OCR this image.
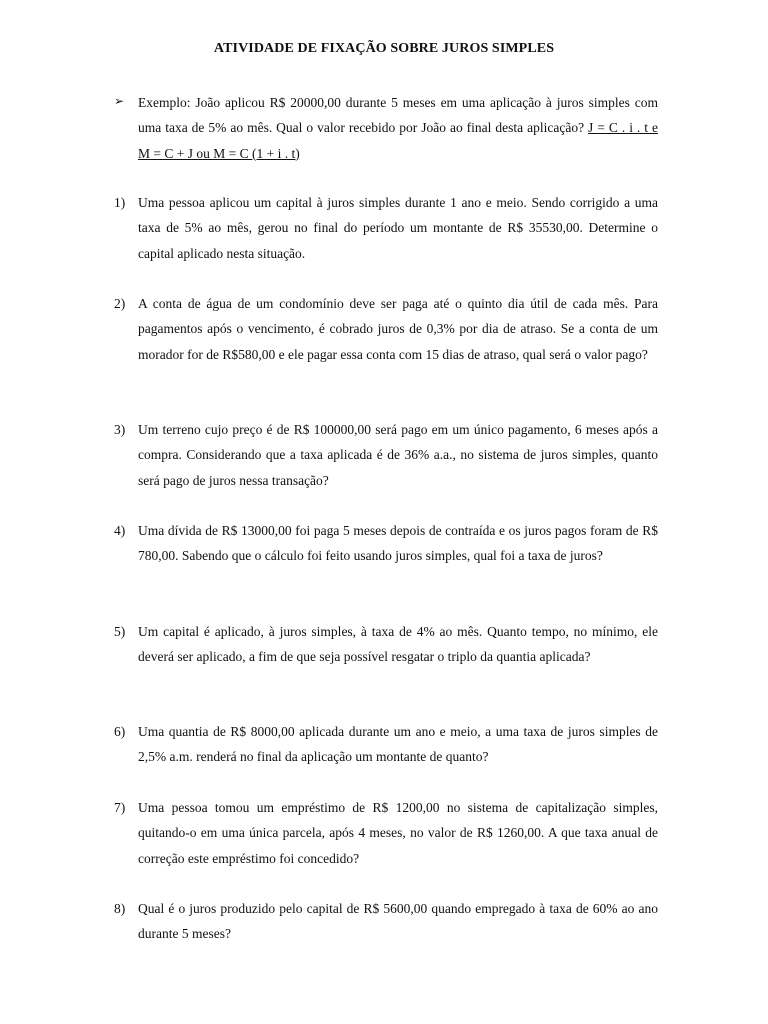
ATIVIDADE DE FIXAÇÃO SOBRE JUROS SIMPLES
➢	Exemplo: João aplicou R$ 20000,00 durante 5 meses em uma aplicação à juros simples com uma taxa de 5% ao mês. Qual o valor recebido por João ao final desta aplicação? J = C . i . t e M = C + J ou M = C (1 + i . t)
1) Uma pessoa aplicou um capital à juros simples durante 1 ano e meio. Sendo corrigido a uma taxa de 5% ao mês, gerou no final do período um montante de R$ 35530,00. Determine o capital aplicado nesta situação.
2) A conta de água de um condomínio deve ser paga até o quinto dia útil de cada mês. Para pagamentos após o vencimento, é cobrado juros de 0,3% por dia de atraso. Se a conta de um morador for de R$580,00 e ele pagar essa conta com 15 dias de atraso, qual será o valor pago?
3) Um terreno cujo preço é de R$ 100000,00 será pago em um único pagamento, 6 meses após a compra. Considerando que a taxa aplicada é de 36% a.a., no sistema de juros simples, quanto será pago de juros nessa transação?
4) Uma dívida de R$ 13000,00 foi paga 5 meses depois de contraída e os juros pagos foram de R$ 780,00. Sabendo que o cálculo foi feito usando juros simples, qual foi a taxa de juros?
5) Um capital é aplicado, à juros simples, à taxa de 4% ao mês. Quanto tempo, no mínimo, ele deverá ser aplicado, a fim de que seja possível resgatar o triplo da quantia aplicada?
6) Uma quantia de R$ 8000,00 aplicada durante um ano e meio, a uma taxa de juros simples de 2,5% a.m. renderá no final da aplicação um montante de quanto?
7) Uma pessoa tomou um empréstimo de R$ 1200,00 no sistema de capitalização simples, quitando-o em uma única parcela, após 4 meses, no valor de R$ 1260,00. A que taxa anual de correção este empréstimo foi concedido?
8) Qual é o juros produzido pelo capital de R$ 5600,00 quando empregado à taxa de 60% ao ano durante 5 meses?
